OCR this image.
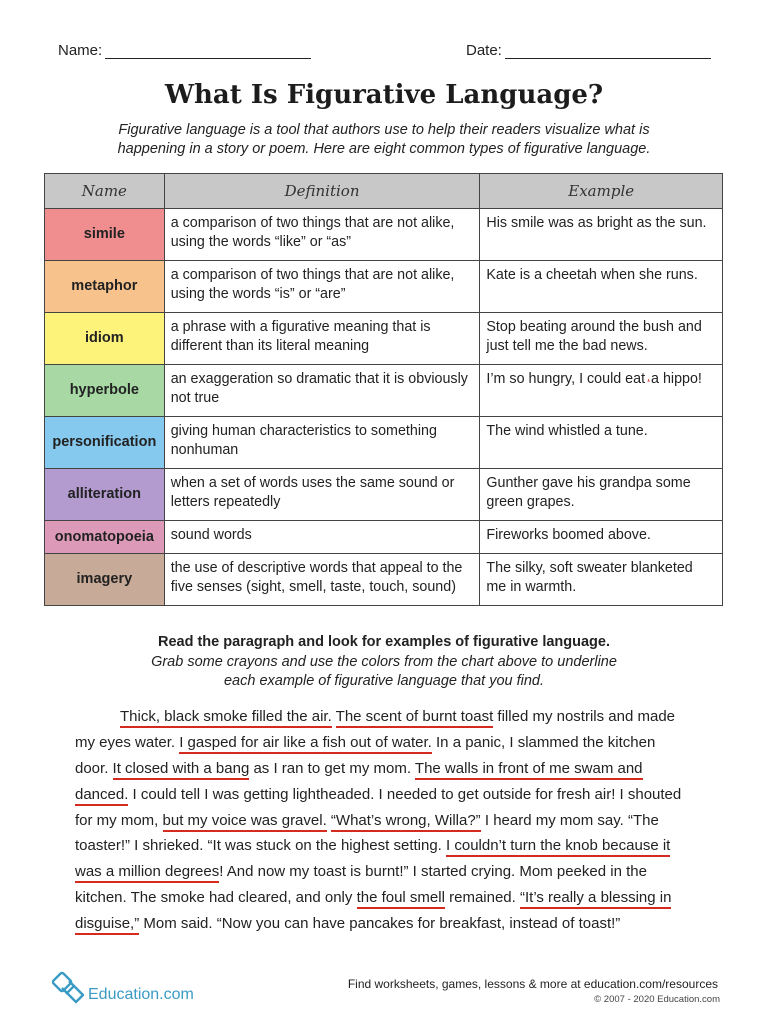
Name:	Date:
What Is Figurative Language?
Figurative language is a tool that authors use to help their readers visualize what is happening in a story or poem. Here are eight common types of figurative language.
Name	Definition	Example
simile	a comparison of two things that are not alike, using the words “like” or “as”	His smile was as bright as the sun.
metaphor	a comparison of two things that are not alike, using the words “is” or “are”	Kate is a cheetah when she runs.
idiom	a phrase with a figurative meaning that is different than its literal meaning	Stop beating around the bush and just tell me the bad news.
hyperbole	an exaggeration so dramatic that it is obviously not true	I’m so hungry, I could eat ˔a hippo!
personification	giving human characteristics to something nonhuman	The wind whistled a tune.
alliteration	when a set of words uses the same sound or letters repeatedly	Gunther gave his grandpa some green grapes.
onomatopoeia	sound words	Fireworks boomed above.
imagery	the use of descriptive words that appeal to the five senses (sight, smell, taste, touch, sound)	The silky, soft sweater blanketed me in warmth.
Read the paragraph and look for examples of figurative language.
Grab some crayons and use the colors from the chart above to underline each example of figurative language that you find.
Thick, black smoke filled the air. The scent of burnt toast filled my nostrils and made
my eyes water. I gasped for air like a fish out of water. In a panic, I slammed the kitchen
door. It closed with a bang as I ran to get my mom. The walls in front of me swam and
danced. I could tell I was getting lightheaded. I needed to get outside for fresh air! I shouted
for my mom, but my voice was gravel. “What’s wrong, Willa?” I heard my mom say. “The
toaster!” I shrieked. “It was stuck on the highest setting. I couldn’t turn the knob because it
was a million degrees! And now my toast is burnt!” I started crying. Mom peeked in the
kitchen. The smoke had cleared, and only the foul smell remained. “It’s really a blessing in
disguise,” Mom said. “Now you can have pancakes for breakfast, instead of toast!”
Education.com
Find worksheets, games, lessons & more at education.com/resources
© 2007 - 2020 Education.com
